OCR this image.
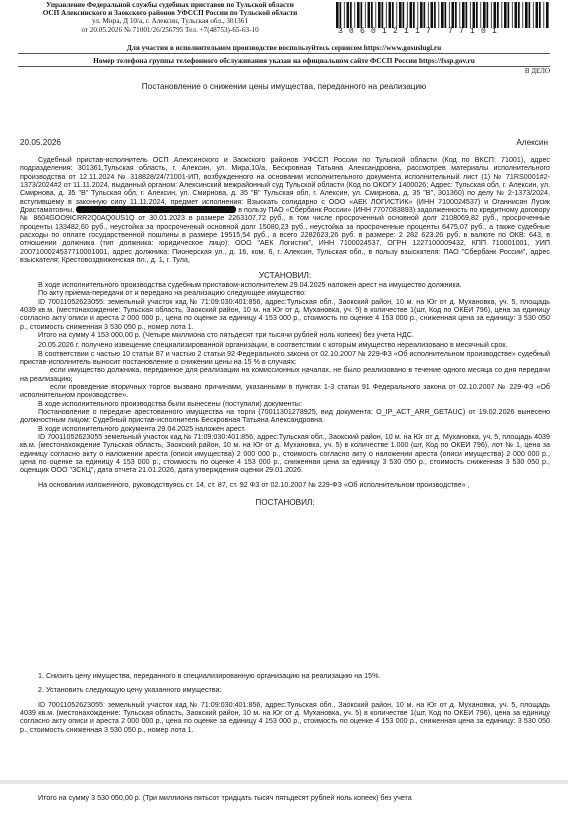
Управление Федеральной службы судебных приставов по Тульской области
ОСП Алексинского и Заокского районов УФССП России по Тульской области
ул. Мира, Д 10/а, г. Алексин, Тульская обл., 301361
от 20.05.2026 № 71001/26/256795 Тел. +7(48753)-65-63-10	306012117 77101
Для участия в исполнительном производстве воспользуйтесь сервисом https://www.gosuslugi.ru
Номер телефона группы телефонного обслуживания указан на официальном сайте ФССП России https://fssp.gov.ru
В ДЕЛО
Постановление о снижении цены имущества, переданного на реализацию
20.05.2026	Алексин

Судебный пристав-исполнитель ОСП Алексинского и Заокского районов УФССП России по Тульской области (Код по ВКСП: 71001), адрес подразделения: 301361,Тульская область, г. Алексин, ул. Мира,10/а, Бескровная Татьяна Александровна, рассмотрев материалы исполнительного производства от 12.11.2024 № 318828/24/71001-ИП, возбужденного на основании исполнительного документа исполнительный лист (1) № 71RS0001#2-1373/2024#2 от 11.11.2024, выданный органом: Алексинский межрайонный суд Тульской области (Код по ОКОГУ 1400026; Адрес: Тульская обл, г. Алексин, ул. Смирнова, д. 35 "В" Тульская обл, г. Алексин, ул. Смирнова, д. 35 "В" Тульская обл, г. Алексин, ул. Смирнова, д. 35 "В", 301360) по делу № 2-1373/2024, вступившему в законную силу 11.11.2024, предмет исполнения: Взыскать солидарно с ООО «АЕК ЛОГИСТИК» (ИНН 7100024537) и Оганнисян Лусик Драстаматовны,	в пользу ПАО «Сбербанк России» (ИНН 7707083893) задолженность по кредитному договору № 8604GOO9ICRR2Q0AQ0US1Q от 30.01.2023 в размере 2263107,72 руб., в том числе просроченный основной долг 2108069,82 руб., просроченные проценты 133482,60 руб., неустойка за просроченный основной долг 15080,23 руб., неустойка за просроченные проценты 6475,07 руб., а также судебные расходы по оплате государственной пошлины в размере 19515,54 руб., а всего 2282623,26 руб. в размере: 2 282 623.26 руб. в валюте по ОКВ: 643, в отношении должника (тип должника: юридическое лицо): ООО "АЕК Логистик", ИНН 7100024537, ОГРН 1227100009432, КПП 710001001, УИП 2007100024537710001001, адрес должника: Пионерская ул., д. 16, ком. 6, г. Алексин, Тульская обл., в пользу взыскателя: ПАО "Сбербанк России", адрес взыскателя: Крестовоздвиженская пл., д. 1, г. Тула,

УСТАНОВИЛ:

В ходе исполнительного производства судебным приставом-исполнителем 29.04.2025 наложен арест на имущество должника.

По акту приема-передачи от и передано на реализацию следующее имущество:

ID 70011052623055: земельный участок кад.№ 71:09:030:401:856, адрес:Тульская обл., Заокский район, 10 м. на Юг от д. Мухановка, уч. 5, площадь 4039 кв.м. (местонахождение: Тульская область, Заокский район, 10 м. на Юг от д. Мухановка, уч. 5) в количестве 1(шт, Код по ОКЕИ 796), цена за единицу согласно акту описи и ареста 2 000 000 р., цена по оценке за единицу 4 153 000 р., стоимость по оценке 4 153 000 р., сниженная цена за единицу: 3 530 050 р., стоимость сниженная 3 530 050 р., номер лота 1.

Итого на сумму 4 153 000,00 р. (Четыре миллиона сто пятьдесят три тысячи рублей ноль копеек) без учета НДС.

20.05.2026 г. получено извещение специализированной организации, в соответствии с которым имущество нереализовано в месячный срок.

В соответствии с частью 10 статьи 87 и частью 2 статьи 92 Федерального закона от 02.10.2007 № 229-ФЗ «Об исполнительном производстве» судебный пристав-исполнитель выносит постановление о снижении цены на 15 % в случаях:

если имущество должника, переданное для реализации на комиссионных началах, не было реализовано в течение одного месяца со дня передачи на реализацию;

если проведение вторичных торгов вызвано причинами, указанными в пунктах 1-3 статьи 91 Федерального закона от 02.10.2007 № 229-ФЗ «Об исполнительном производстве».

В ходе исполнительного производства были вынесены (поступили) документы:

Постановление о передаче арестованного имущества на торги (70011301278925, вид документа: O_IP_ACT_ARR_GETAUC) от 19.02.2026 вынесено должностным лицом: Судебный пристав-исполнитель Бескровная Татьяна Александровна.

В ходе исполнительного документа 29.04.2025 наложен арест.

ID 70011052623055 земельный участок кад.№ 71:09:030:401:856, адрес:Тульская обл., Заокский район, 10 м. на Юг от д. Мухановка, уч. 5, площадь 4039 кв.м. (местонахождение Тульская область, Заокский район, 10 м. на Юг от д. Мухановка, уч. 5) в количестве 1.000 (шт, Код по ОКЕИ 796), лот № 1, цена за единицу согласно акту о наложении ареста (описи имущества) 2 000 000 р., стоимость согласно акту о наложении ареста (описи имущества) 2 000 000 р., цена по оценке за единицу 4 153 000 р., стоимость по оценке 4 153 000 р., сниженная цена за единицу 3 530 050 р., стоимость сниженная 3 530 050 р., оценщик ООО "ЗСКЦ", дата отчета 21.01.2026, дата утверждения оценки 29.01.2026.

На основании изложенного, руководствуясь ст. 14, ст. 87, ст. 92 ФЗ от 02.10.2007 № 229-ФЗ «Об исполнительном производстве» ,

ПОСТАНОВИЛ:

1. Снизить цену имущества, переданного в специализированную организацию на реализацию на 15%.

2. Установить следующую цену указанного имущества:

ID 70011052623055: земельный участок кад.№ 71:09:030:401:856, адрес:Тульская обл., Заокский район, 10 м. на Юг от д. Мухановка, уч. 5, площадь 4039 кв.м. (местонахождение: Тульская область, Заокский район, 10 м. на Юг от д. Мухановка, уч. 5) в количестве 1(шт, Код по ОКЕИ 796), цена за единицу согласно акту описи и ареста 2 000 000 р., цена по оценке за единицу 4 153 000 р., стоимость по оценке 4 153 000 р., сниженная цена за единицу: 3 530 050 р., стоимость сниженная 3 530 050 р., номер лота 1.

Итого на сумму 3 530 050,00 р. (Три миллиона пятьсот тридцать тысяч пятьдесят рублей ноль копеек) без учета
